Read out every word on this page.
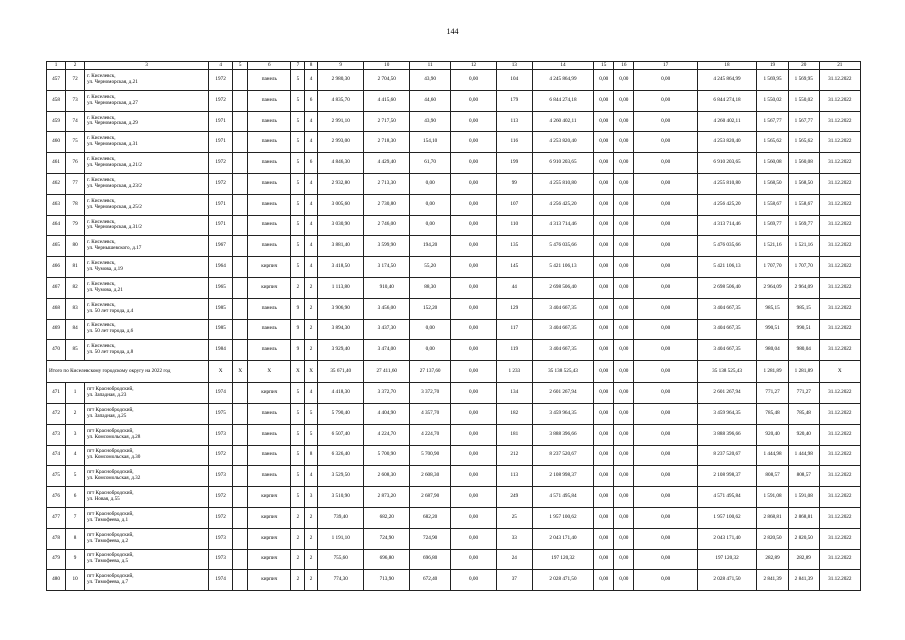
144
1	2	3	4	5	6	7	8	9	10	11	12	13	14	15	16	17	18	19	20	21
457	72	г. Киселевск,
ул. Черноморская, д.21	1972		панель	5	4	2 980,30	2 704,50	43,90	0,00	104	4 245 864,99	0,00	0,00	0,00	4 245 864,99	1 569,95	1 569,95	31.12.2022
458	73	г. Киселевск,
ул. Черноморская, д.27	1972		панель	5	6	4 835,70	4 415,60	44,60	0,00	179	6 844 274,18	0,00	0,00	0,00	6 844 274,18	1 550,02	1 550,02	31.12.2022
459	74	г. Киселевск,
ул. Черноморская, д.29	1971		панель	5	4	2 991,10	2 717,50	43,90	0,00	113	4 260 402,11	0,00	0,00	0,00	4 260 402,11	1 567,77	1 567,77	31.12.2022
460	75	г. Киселевск,
ул. Черноморская, д.31	1971		панель	5	4	2 993,00	2 718,30	154,10	0,00	116	4 253 820,40	0,00	0,00	0,00	4 253 820,40	1 565,62	1 565,62	31.12.2022
461	76	г. Киселевск,
ул. Черноморская, д.21/2	1972		панель	5	6	4 846,30	4 429,40	61,70	0,00	199	6 910 203,65	0,00	0,00	0,00	6 910 203,65	1 560,08	1 560,08	31.12.2022
462	77	г. Киселевск,
ул. Черноморская, д.23/2	1972		панель	5	4	2 932,80	2 713,30	0,00	0,00	99	4 255 810,80	0,00	0,00	0,00	4 255 810,80	1 568,50	1 568,50	31.12.2022
463	78	г. Киселевск,
ул. Черноморская, д.25/2	1971		панель	5	4	3 005,60	2 730,80	0,00	0,00	107	4 256 425,20	0,00	0,00	0,00	4 256 425,20	1 558,67	1 558,67	31.12.2022
464	79	г. Киселевск,
ул. Черноморская, д.31/2	1971		панель	5	4	3 030,90	2 746,00	0,00	0,00	110	4 313 714,46	0,00	0,00	0,00	4 313 714,46	1 569,77	1 569,77	31.12.2022
465	80	г. Киселевск,
ул. Чернышевского, д.17	1967		панель	5	4	3 881,40	3 599,90	194,20	0,00	135	5 476 035,66	0,00	0,00	0,00	5 476 035,66	1 521,16	1 521,16	31.12.2022
466	81	г. Киселевск,
ул. Чумова, д.19	1964		кирпич	5	4	3 418,50	3 174,50	55,20	0,00	145	5 421 106,13	0,00	0,00	0,00	5 421 106,13	1 707,70	1 707,70	31.12.2022
467	82	г. Киселевск,
ул. Чумова, д.21	1965		кирпич	2	2	1 113,80	910,40	88,30	0,00	44	2 698 506,40	0,00	0,00	0,00	2 698 506,40	2 964,09	2 964,09	31.12.2022
468	83	г. Киселевск,
ул. 50 лет города, д.4	1985		панель	9	2	3 906,90	3 456,00	152,20	0,00	129	3 404 667,35	0,00	0,00	0,00	3 404 667,35	985,15	985,15	31.12.2022
469	84	г. Киселевск,
ул. 50 лет города, д.6	1985		панель	9	2	3 894,30	3 437,30	0,00	0,00	117	3 404 667,35	0,00	0,00	0,00	3 404 667,35	990,51	990,51	31.12.2022
470	85	г. Киселевск,
ул. 50 лет города, д.8	1984		панель	9	2	3 929,40	3 474,00	0,00	0,00	119	3 404 667,35	0,00	0,00	0,00	3 404 667,35	980,04	980,04	31.12.2022
Итого по Киселевскому городскому округу на 2022 год			Х	Х	Х	Х	Х	35 671,40	27 411,60	27 137,60	0,00	1 233	35 138 525,43	0,00	0,00	0,00	35 138 525,43	1 281,89	1 281,89	Х
471	1	пгт Краснобродский,
ул. Западная, д.23	1974		кирпич	5	4	4 418,30	3 372,70	3 372,70	0,00	134	2 601 267,94	0,00	0,00	0,00	2 601 267,94	771,27	771,27	31.12.2022
472	2	пгт Краснобродский,
ул. Западная, д.25	1975		панель	5	5	5 790,40	4 404,90	4 357,70	0,00	182	3 459 964,35	0,00	0,00	0,00	3 459 964,35	785,48	785,48	31.12.2022
473	3	пгт Краснобродский,
ул. Комсомольская, д.28	1973		панель	5	5	6 507,40	4 224,70	4 224,70	0,00	181	3 888 396,66	0,00	0,00	0,00	3 888 396,66	920,40	920,40	31.12.2022
474	4	пгт Краснобродский,
ул. Комсомольская, д.30	1972		панель	5	8	6 326,40	5 700,90	5 700,90	0,00	212	8 237 520,67	0,00	0,00	0,00	8 237 520,67	1 444,98	1 444,98	31.12.2022
475	5	пгт Краснобродский,
ул. Комсомольская, д.32	1973		панель	5	4	3 529,50	2 608,30	2 608,30	0,00	113	2 108 998,37	0,00	0,00	0,00	2 108 998,37	808,57	808,57	31.12.2022
476	6	пгт Краснобродский,
ул. Новая, д.55	1972		кирпич	5	3	3 510,90	2 873,20	2 687,90	0,00	249	4 571 495,84	0,00	0,00	0,00	4 571 495,84	1 591,08	1 591,08	31.12.2022
477	7	пгт Краснобродский,
ул. Тимофеева, д.1	1972		кирпич	2	2	739,40	682,20	682,20	0,00	25	1 957 100,62	0,00	0,00	0,00	1 957 100,62	2 868,81	2 868,81	31.12.2022
478	8	пгт Краснобродский,
ул. Тимофеева, д.2	1973		кирпич	2	2	1 191,10	724,90	724,90	0,00	33	2 043 171,40	0,00	0,00	0,00	2 043 171,40	2 820,50	2 820,50	31.12.2022
479	9	пгт Краснобродский,
ул. Тимофеева, д.5	1973		кирпич	2	2	755,60	696,80	696,80	0,00	24	197 120,32	0,00	0,00	0,00	197 120,32	282,89	282,89	31.12.2022
480	10	пгт Краснобродский,
ул. Тимофеева, д.7	1974		кирпич	2	2	774,30	713,90	672,40	0,00	37	2 028 471,50	0,00	0,00	0,00	2 028 471,50	2 841,39	2 841,39	31.12.2022
